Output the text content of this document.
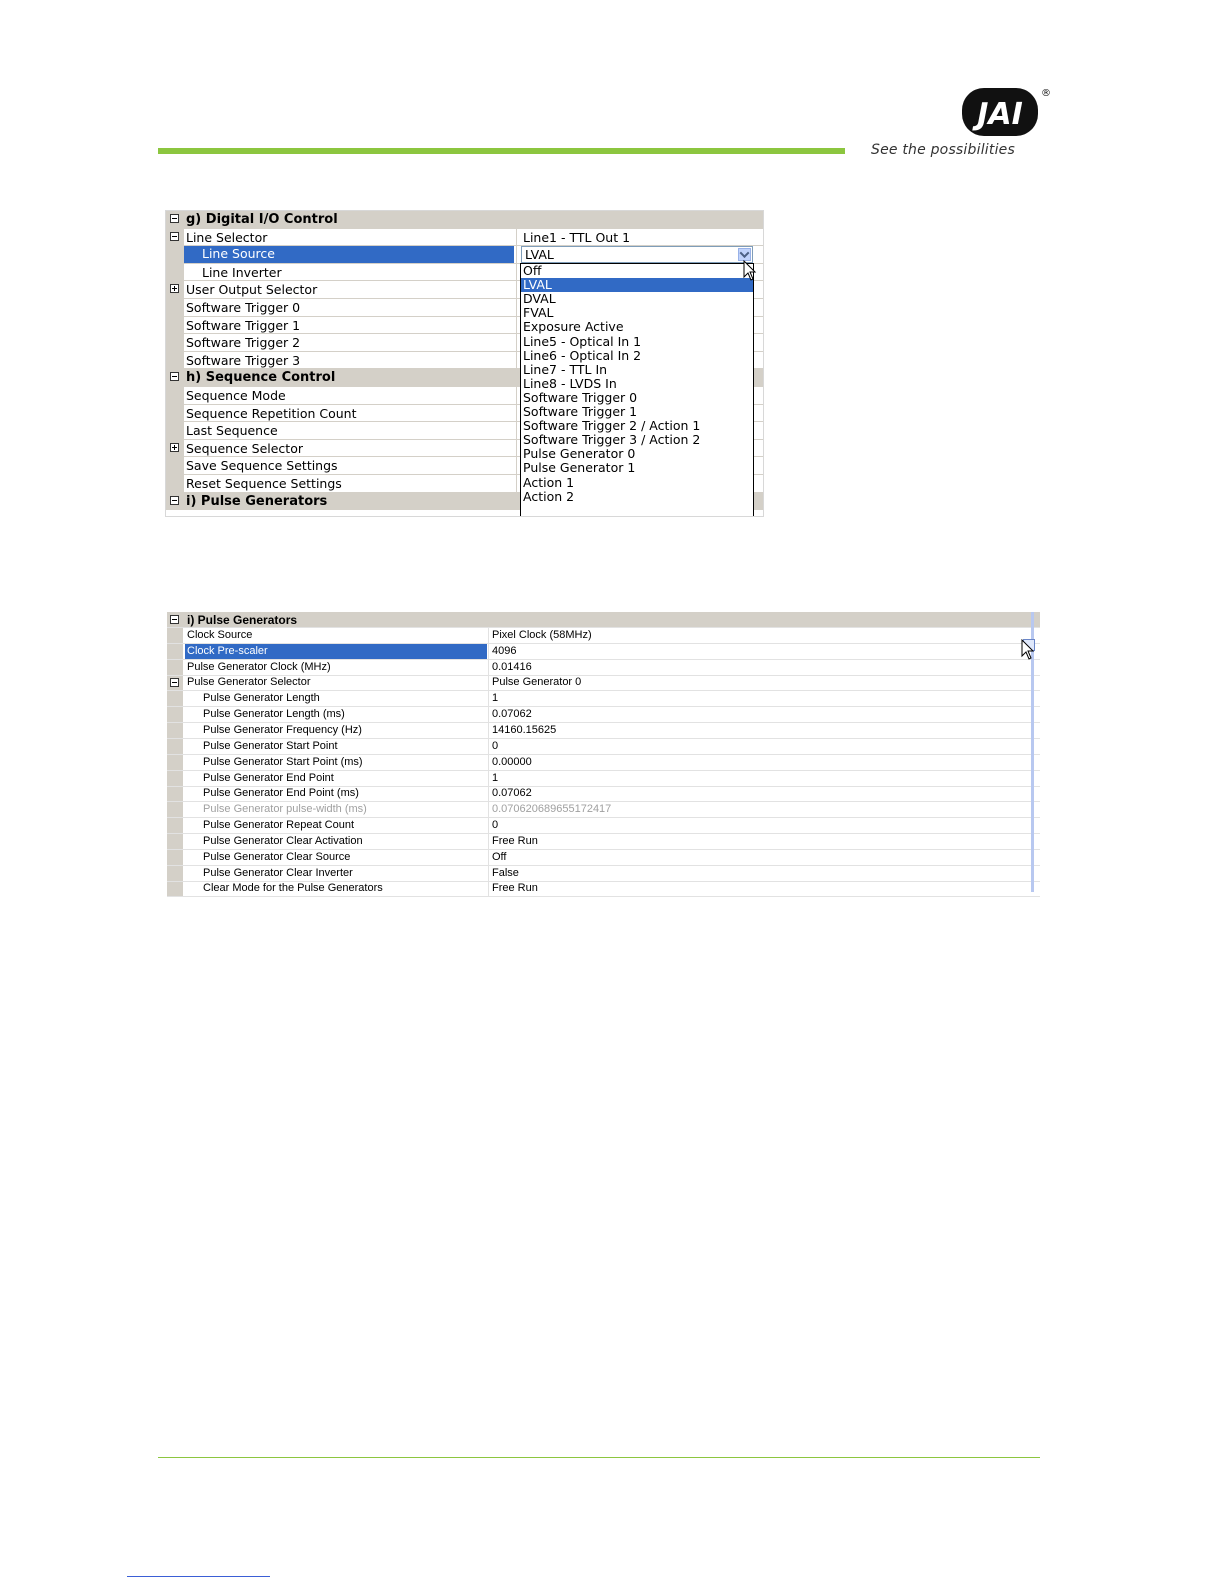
JAI
®
See the possibilities
i) Pulse Generators
Reset Sequence Settings
Save Sequence Settings
Sequence Selector
Last Sequence
Sequence Repetition Count
Sequence Mode
h) Sequence Control
Software Trigger 3
Software Trigger 2
Software Trigger 1
Software Trigger 0
User Output Selector
Line Inverter
Line Source
Line Selector	Line1 - TTL Out 1
g) Digital I/O Control
LVAL
Off
LVAL
DVAL
FVAL
Exposure Active
Line5 - Optical In 1
Line6 - Optical In 2
Line7 - TTL In
Line8 - LVDS In
Software Trigger 0
Software Trigger 1
Software Trigger 2 / Action 1
Software Trigger 3 / Action 2
Pulse Generator 0
Pulse Generator 1
Action 1
Action 2
Clear Mode for the Pulse Generators	Free Run
Pulse Generator Clear Inverter	False
Pulse Generator Clear Source	Off
Pulse Generator Clear Activation	Free Run
Pulse Generator Repeat Count	0
Pulse Generator pulse-width (ms)	0.0706206896551724​17
Pulse Generator End Point (ms)	0.07062
Pulse Generator End Point	1
Pulse Generator Start Point (ms)	0.00000
Pulse Generator Start Point	0
Pulse Generator Frequency (Hz)	14160.15625
Pulse Generator Length (ms)	0.07062
Pulse Generator Length	1
Pulse Generator Selector	Pulse Generator 0
Pulse Generator Clock (MHz)	0.01416
Clock Pre-scaler	4096
Clock Source	Pixel Clock (58MHz)
i) Pulse Generators
